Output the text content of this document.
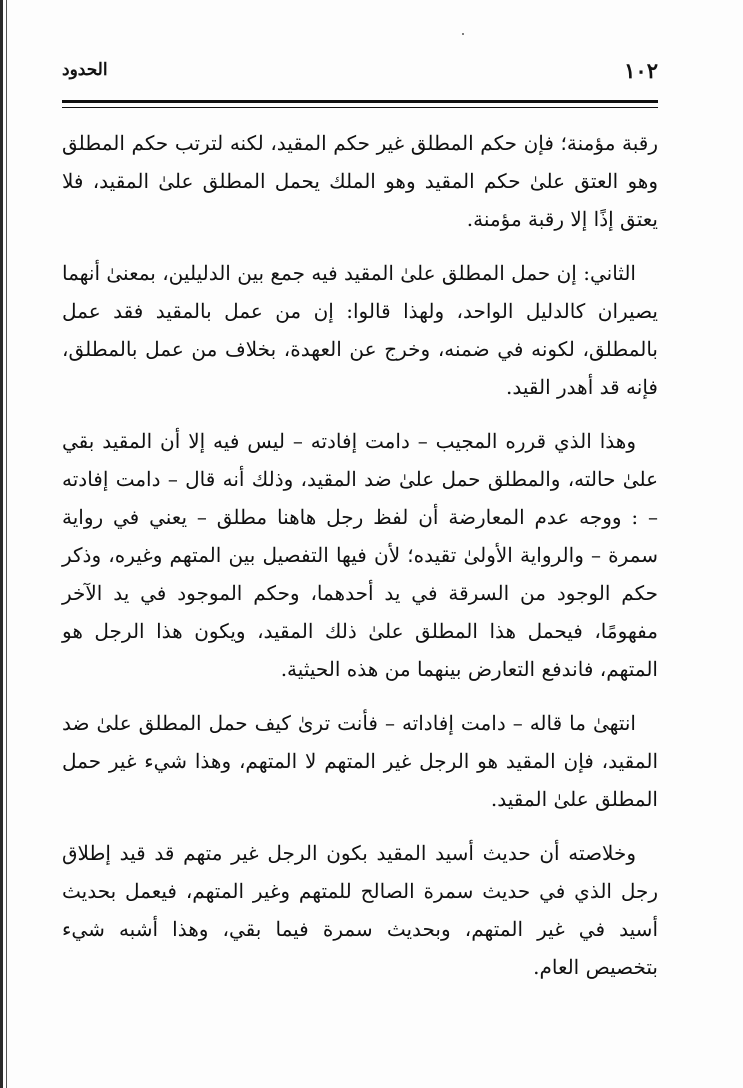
١٠٢
الحدود

رقبة مؤمنة؛ فإن حكم المطلق غير حكم المقيد، لكنه لترتب حكم المطلق وهو العتق علىٰ حكم المقيد وهو الملك يحمل المطلق علىٰ المقيد، فلا يعتق إذًا إلا رقبة مؤمنة.

الثاني: إن حمل المطلق علىٰ المقيد فيه جمع بين الدليلين، بمعنىٰ أنهما يصيران كالدليل الواحد، ولهذا قالوا: إن من عمل بالمقيد فقد عمل بالمطلق، لكونه في ضمنه، وخرج عن العهدة، بخلاف من عمل بالمطلق، فإنه قد أهدر القيد.

وهذا الذي قرره المجيب – دامت إفادته – ليس فيه إلا أن المقيد بقي علىٰ حالته، والمطلق حمل علىٰ ضد المقيد، وذلك أنه قال – دامت إفادته – : ووجه عدم المعارضة أن لفظ رجل هاهنا مطلق – يعني في رواية سمرة – والرواية الأولىٰ تقيده؛ لأن فيها التفصيل بين المتهم وغيره، وذكر حكم الوجود من السرقة في يد أحدهما، وحكم الموجود في يد الآخر مفهومًا، فيحمل هذا المطلق علىٰ ذلك المقيد، ويكون هذا الرجل هو المتهم، فاندفع التعارض بينهما من هذه الحيثية.

انتهىٰ ما قاله – دامت إفاداته – فأنت ترىٰ كيف حمل المطلق علىٰ ضد المقيد، فإن المقيد هو الرجل غير المتهم لا المتهم، وهذا شيء غير حمل المطلق علىٰ المقيد.

وخلاصته أن حديث أسيد المقيد بكون الرجل غير متهم قد قيد إطلاق رجل الذي في حديث سمرة الصالح للمتهم وغير المتهم، فيعمل بحديث أسيد في غير المتهم، وبحديث سمرة فيما بقي، وهذا أشبه شيء بتخصيص العام.
